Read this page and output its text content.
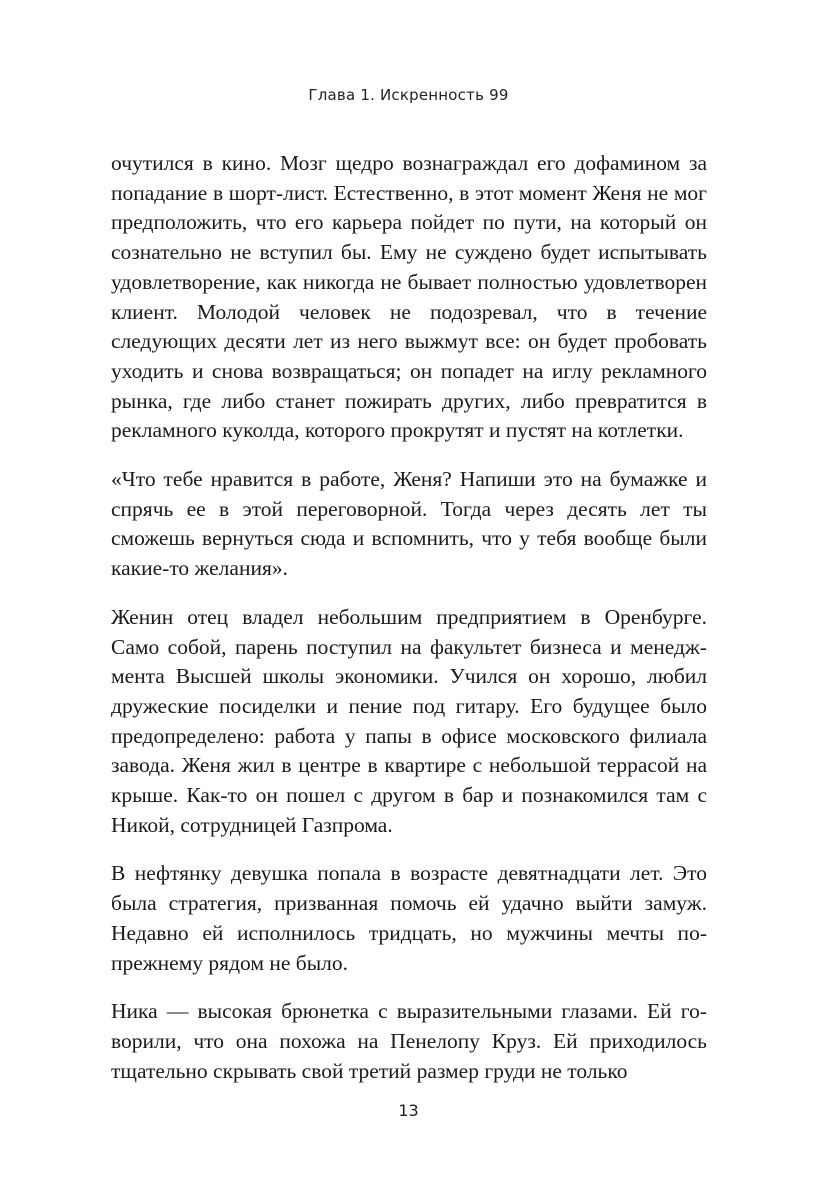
Глава 1. Искренность 99

очутился в кино. Мозг щедро вознаграждал его дофамином за попадание в шорт-лист. Естественно, в этот момент Женя не мог предположить, что его карьера пойдет по пути, на который он сознательно не вступил бы. Ему не суждено будет испытывать удовлетворение, как никогда не бывает полностью удовлетворен клиент. Молодой человек не подозревал, что в течение следующих десяти лет из него выжмут все: он будет пробовать уходить и снова возвращаться; он попадет на иглу рекламного рынка, где либо станет пожирать других, либо превратится в рекламного куколда, которого прокрутят и пустят на котлетки.

«Что тебе нравится в работе, Женя? Напиши это на бумажке и спрячь ее в этой переговорной. Тогда через десять лет ты сможешь вернуться сюда и вспомнить, что у тебя вообще были какие-то желания».

Женин отец владел небольшим предприятием в Оренбурге. Само собой, парень поступил на факультет бизнеса и менеджмента Высшей школы экономики. Учился он хорошо, любил дружеские посиделки и пение под гитару. Его будущее было предопределено: работа у папы в офисе московского филиала завода. Женя жил в центре в квартире с небольшой террасой на крыше. Как-то он пошел с другом в бар и познакомился там с Никой, сотрудницей Газпрома.

В нефтянку девушка попала в возрасте девятнадцати лет. Это была стратегия, призванная помочь ей удачно выйти замуж. Недавно ей исполнилось тридцать, но мужчины мечты попрежнему рядом не было.

Ника — высокая брюнетка с выразительными глазами. Ей говорили, что она похожа на Пенелопу Круз. Ей приходилось тщательно скрывать свой третий размер груди не только

13
